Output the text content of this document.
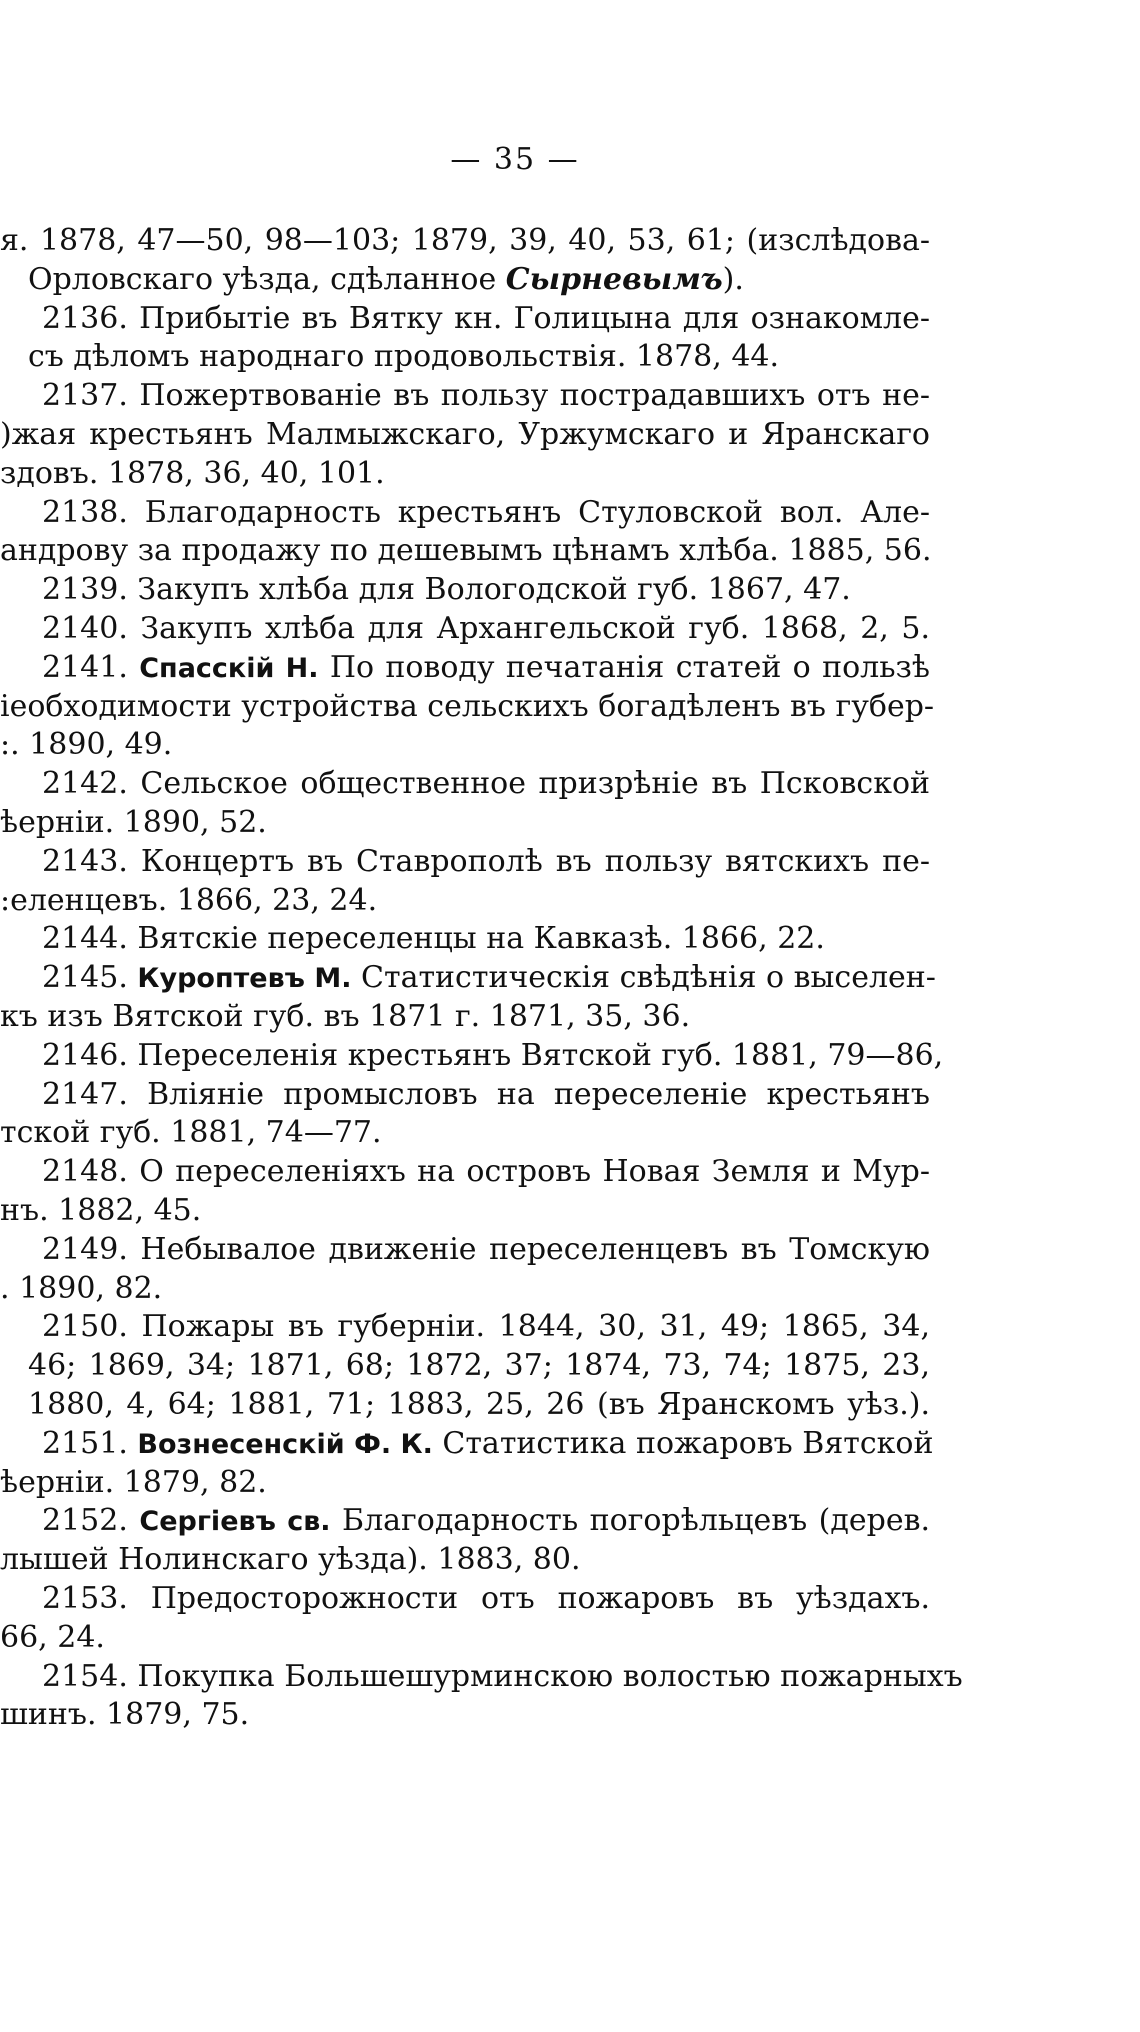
— 35 —
я. 1878, 47—50, 98—103; 1879, 39, 40, 53, 61; (изслѣдова-
Орловскаго уѣзда, сдѣланное Сырневымъ).
2136. Прибытіе въ Вятку кн. Голицына для ознакомле-
съ дѣломъ народнаго продовольствія. 1878, 44.
2137. Пожертвованіе въ пользу пострадавшихъ отъ не-
)жая крестьянъ Малмыжскаго, Уржумскаго и Яранскаго
здовъ. 1878, 36, 40, 101.
2138. Благодарность крестьянъ Стуловской вол. Але-
андрову за продажу по дешевымъ цѣнамъ хлѣба. 1885, 56.
2139. Закупъ хлѣба для Вологодской губ. 1867, 47.
2140. Закупъ хлѣба для Архангельской губ. 1868, 2, 5.
2141. Спасскій Н. По поводу печатанія статей о пользѣ
іеобходимости устройства сельскихъ богадѣленъ въ губер-
:. 1890, 49.
2142. Сельское общественное призрѣніе въ Псковской
ѣерніи. 1890, 52.
2143. Концертъ въ Ставрополѣ въ пользу вятскихъ пе-
:еленцевъ. 1866, 23, 24.
2144. Вятскіе переселенцы на Кавказѣ. 1866, 22.
2145. Куроптевъ М. Статистическія свѣдѣнія о выселен-
къ изъ Вятской губ. въ 1871 г. 1871, 35, 36.
2146. Переселенія крестьянъ Вятской губ. 1881, 79—86,
2147. Вліяніе промысловъ на переселеніе крестьянъ
тской губ. 1881, 74—77.
2148. О переселеніяхъ на островъ Новая Земля и Мур-
нъ. 1882, 45.
2149. Небывалое движеніе переселенцевъ въ Томскую
. 1890, 82.
2150. Пожары въ губерніи. 1844, 30, 31, 49; 1865, 34,
46; 1869, 34; 1871, 68; 1872, 37; 1874, 73, 74; 1875, 23,
1880, 4, 64; 1881, 71; 1883, 25, 26 (въ Яранскомъ уѣз.).
2151. Вознесенскій Ф. К. Статистика пожаровъ Вятской
ѣерніи. 1879, 82.
2152. Сергіевъ св. Благодарность погорѣльцевъ (дерев.
лышей Нолинскаго уѣзда). 1883, 80.
2153. Предосторожности отъ пожаровъ въ уѣздахъ.
66, 24.
2154. Покупка Большешурминскою волостью пожарныхъ
шинъ. 1879, 75.
